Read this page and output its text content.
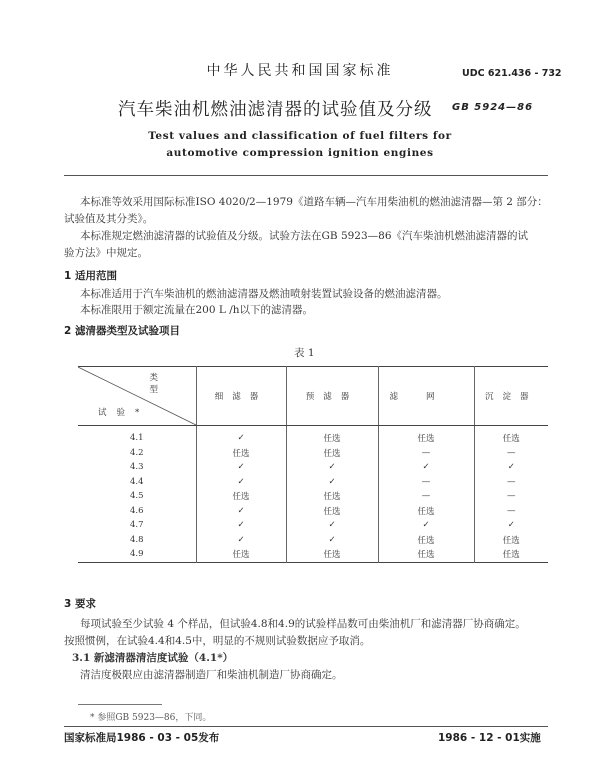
中华人民共和国国家标准	UDC 621.436 - 732
汽车柴油机燃油滤清器的试验值及分级 GB 5924—86
Test values and classification of fuel filters for
automotive compression ignition engines
本标准等效采用国际标准ISO 4020/2—1979《道路车辆—汽车用柴油机的燃油滤清器—第 2 部分：
试验值及其分类》。
本标准规定燃油滤清器的试验值及分级。试验方法在GB 5923—86《汽车柴油机燃油滤清器的试
验方法》中规定。
1 适用范围
本标准适用于汽车柴油机的燃油滤清器及燃油喷射装置试验设备的燃油滤清器。
本标准限用于额定流量在200 L /h以下的滤清器。
2 滤清器类型及试验项目
表 1
类型
试验*	细滤器	预滤器	滤网	沉淀器
4.1	✓	任选	任选	任选
4.2	任选	任选	—	—
4.3	✓	✓	✓	✓
4.4	✓	✓	—	—
4.5	任选	任选	—	—
4.6	✓	任选	任选	—
4.7	✓	✓	✓	✓
4.8	✓	✓	任选	任选
4.9	任选	任选	任选	任选
3 要求
每项试验至少试验 4 个样品，但试验4.8和4.9的试验样品数可由柴油机厂和滤清器厂协商确定。
按照惯例，在试验4.4和4.5中，明显的不规则试验数据应予取消。
3.1 新滤清器清洁度试验（4.1*）
清洁度极限应由滤清器制造厂和柴油机制造厂协商确定。
* 参照GB 5923—86，下同。
国家标准局1986 - 03 - 05发布	1986 - 12 - 01实施
